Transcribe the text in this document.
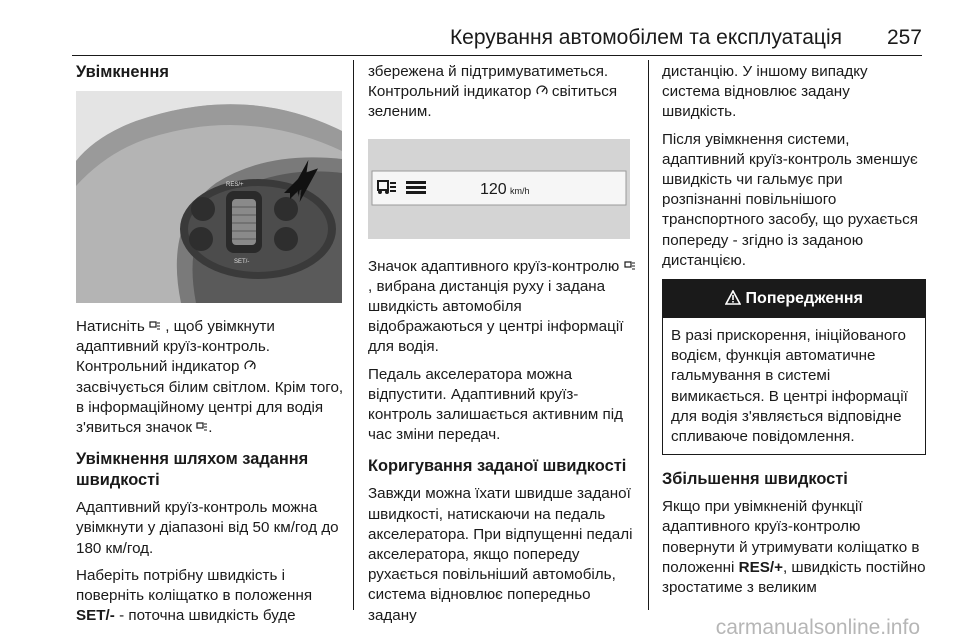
Керування автомобілем та експлуатація 257
Увімкнення
RES/+
SET/-

Натисніть , щоб увімкнути адаптивний круїз-контроль. Контрольний індикатор  засвічується білим світлом. Крім того, в інформаційному центрі для водія з'явиться значок .

Увімкнення шляхом задання швидкості

Адаптивний круїз-контроль можна увімкнути у діапазоні від 50 км/год до 180 км/год.

Наберіть потрібну швидкість і поверніть коліщатко в положення SET/- - поточна швидкість буде

збережена й підтримуватиметься. Контрольний індикатор світиться зеленим.

120 km/h

Значок адаптивного круїз-контролю , вибрана дистанція руху і задана швидкість автомобіля відображаються у центрі інформації для водія.

Педаль акселератора можна відпустити. Адаптивний круїз-контроль залишається активним під час зміни передач.

Коригування заданої швидкості

Завжди можна їхати швидше заданої швидкості, натискаючи на педаль акселератора. При відпущенні педалі акселератора, якщо попереду рухається повільніший автомобіль, система відновлює попередньо задану

дистанцію. У іншому випадку система відновлює задану швидкість.

Після увімкнення системи, адаптивний круїз-контроль зменшує швидкість чи гальмує при розпізнанні повільнішого транспортного засобу, що рухається попереду - згідно із заданою дистанцією.

Попередження
В разі прискорення, ініційованого водієм, функція автоматичне гальмування в системі вимикається. В центрі інформації для водія з'являється відповідне спливаюче повідомлення.
Збільшення швидкості

Якщо при увімкненій функції адаптивного круїз-контролю повернути й утримувати коліщатко в положенні RES/+, швидкість постійно зростатиме з великим

carmanualsonline.info
